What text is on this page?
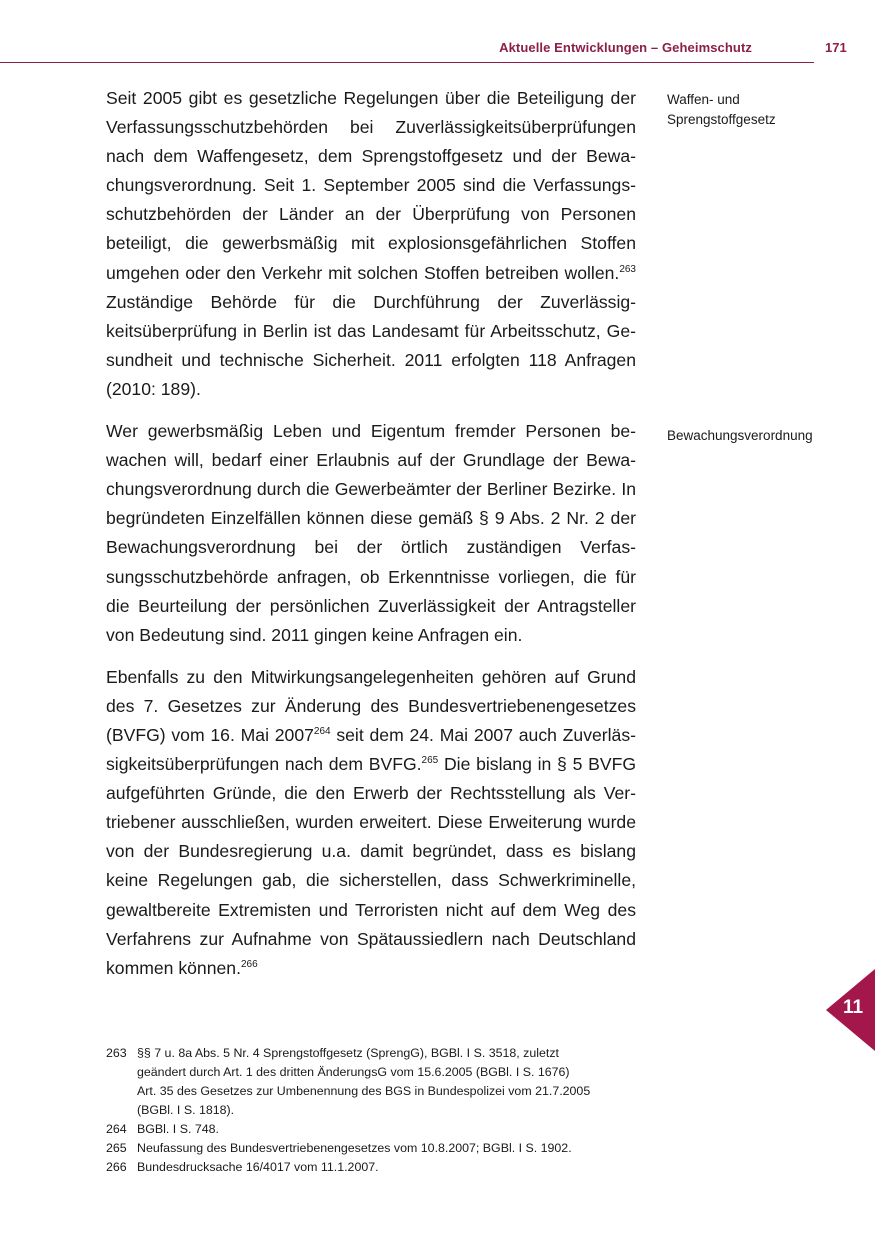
Aktuelle Entwicklungen – Geheimschutz	171

Seit 2005 gibt es gesetzliche Regelungen über die Beteiligung der Verfassungsschutzbehörden bei Zuverlässigkeitsüberprüfungen nach dem Waffengesetz, dem Sprengstoffgesetz und der Bewachungsverordnung. Seit 1. September 2005 sind die Verfassungsschutzbehörden der Länder an der Überprüfung von Personen beteiligt, die gewerbsmäßig mit explosionsgefährlichen Stoffen umgehen oder den Verkehr mit solchen Stoffen betreiben wollen.$^{263}$ Zuständige Behörde für die Durchführung der Zuverlässigkeitsüberprüfung in Berlin ist das Landesamt für Arbeitsschutz, Gesundheit und technische Sicherheit. 2011 erfolgten 118 Anfragen (2010: 189).

Wer gewerbsmäßig Leben und Eigentum fremder Personen bewachen will, bedarf einer Erlaubnis auf der Grundlage der Bewachungsverordnung durch die Gewerbeämter der Berliner Bezirke. In begründeten Einzelfällen können diese gemäß § 9 Abs. 2 Nr. 2 der Bewachungsverordnung bei der örtlich zuständigen Verfassungsschutzbehörde anfragen, ob Erkenntnisse vorliegen, die für die Beurteilung der persönlichen Zuverlässigkeit der Antragsteller von Bedeutung sind. 2011 gingen keine Anfragen ein.

Ebenfalls zu den Mitwirkungsangelegenheiten gehören auf Grund des 7. Gesetzes zur Änderung des Bundesvertriebenengesetzes (BVFG) vom 16. Mai 2007$^{264}$ seit dem 24. Mai 2007 auch Zuverlässigkeitsüberprüfungen nach dem BVFG.$^{265}$ Die bislang in § 5 BVFG aufgeführten Gründe, die den Erwerb der Rechtsstellung als Vertriebener ausschließen, wurden erweitert. Diese Erweiterung wurde von der Bundesregierung u.a. damit begründet, dass es bislang keine Regelungen gab, die sicherstellen, dass Schwerkriminelle, gewaltbereite Extremisten und Terroristen nicht auf dem Weg des Verfahrens zur Aufnahme von Spätaussiedlern nach Deutschland kommen können.$^{266}$

Waffen- und
Sprengstoffgesetz
Bewachungsverordnung
11
263 §§ 7 u. 8a Abs. 5 Nr. 4 Sprengstoffgesetz (SprengG), BGBl. I S. 3518, zuletzt
geändert durch Art. 1 des dritten ÄnderungsG vom 15.6.2005 (BGBl. I S. 1676)
Art. 35 des Gesetzes zur Umbenennung des BGS in Bundespolizei vom 21.7.2005
(BGBl. I S. 1818).
264 BGBl. I S. 748.
265 Neufassung des Bundesvertriebenengesetzes vom 10.8.2007; BGBl. I S. 1902.
266 Bundesdrucksache 16/4017 vom 11.1.2007.
